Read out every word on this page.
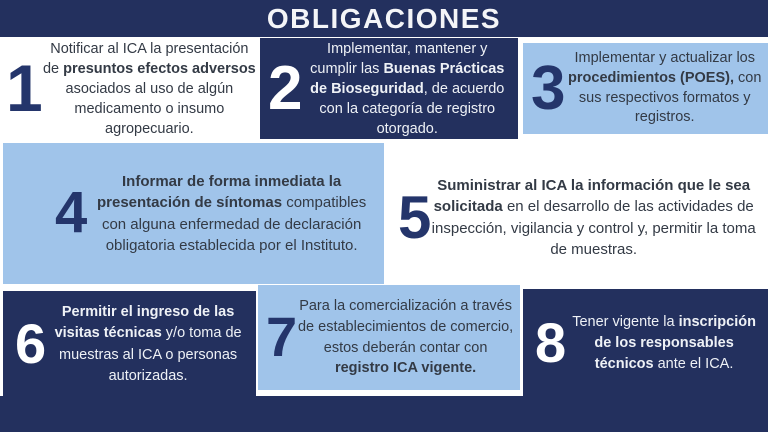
OBLIGACIONES
1
Notificar al ICA la presentación de presuntos efectos adversos asociados al uso de algún medicamento o insumo agropecuario.
2
Implementar, mantener y cumplir las Buenas Prácticas de Bioseguridad, de acuerdo con la categoría de registro otorgado.
3 Implementar y actualizar los procedimientos (POES), con sus respectivos formatos y registros.
4	Informar de forma inmediata la presentación de síntomas compatibles con alguna enfermedad de declaración obligatoria establecida por el Instituto. 5 Suministrar al ICA la información que le sea solicitada en el desarrollo de las actividades de inspección, vigilancia y control y, permitir la toma de muestras.
6	Permitir el ingreso de las visitas técnicas y/o toma de muestras al ICA o personas autorizadas.
7 Para la comercialización a través de establecimientos de comercio, estos deberán contar con registro ICA vigente.	8 Tener vigente la inscripción de los responsables técnicos ante el ICA.
